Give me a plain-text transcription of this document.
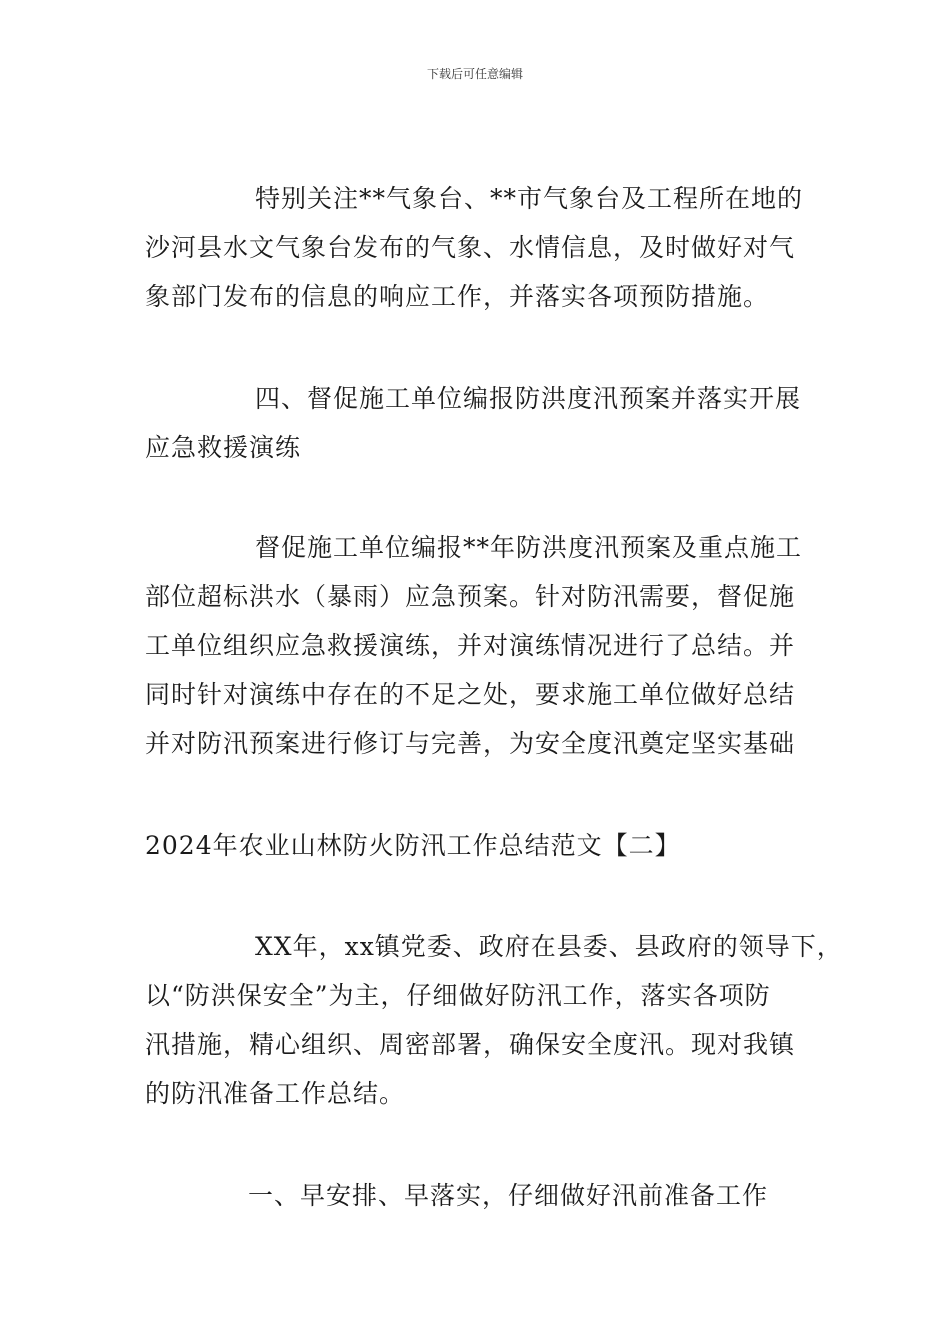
下载后可任意编辑
特别关注**气象台、**市气象台及工程所在地的
沙河县水文气象台发布的气象、水情信息，及时做好对气
象部门发布的信息的响应工作，并落实各项预防措施。
四、督促施工单位编报防洪度汛预案并落实开展
应急救援演练
督促施工单位编报**年防洪度汛预案及重点施工
部位超标洪水（暴雨）应急预案。针对防汛需要，督促施
工单位组织应急救援演练，并对演练情况进行了总结。并
同时针对演练中存在的不足之处，要求施工单位做好总结
并对防汛预案进行修订与完善，为安全度汛奠定坚实基础
2024年农业山林防火防汛工作总结范文【二】
XX年，xx镇党委、政府在县委、县政府的领导下，
以“防洪保安全”为主，仔细做好防汛工作，落实各项防
汛措施，精心组织、周密部署，确保安全度汛。现对我镇
的防汛准备工作总结。
一、早安排、早落实，仔细做好汛前准备工作
